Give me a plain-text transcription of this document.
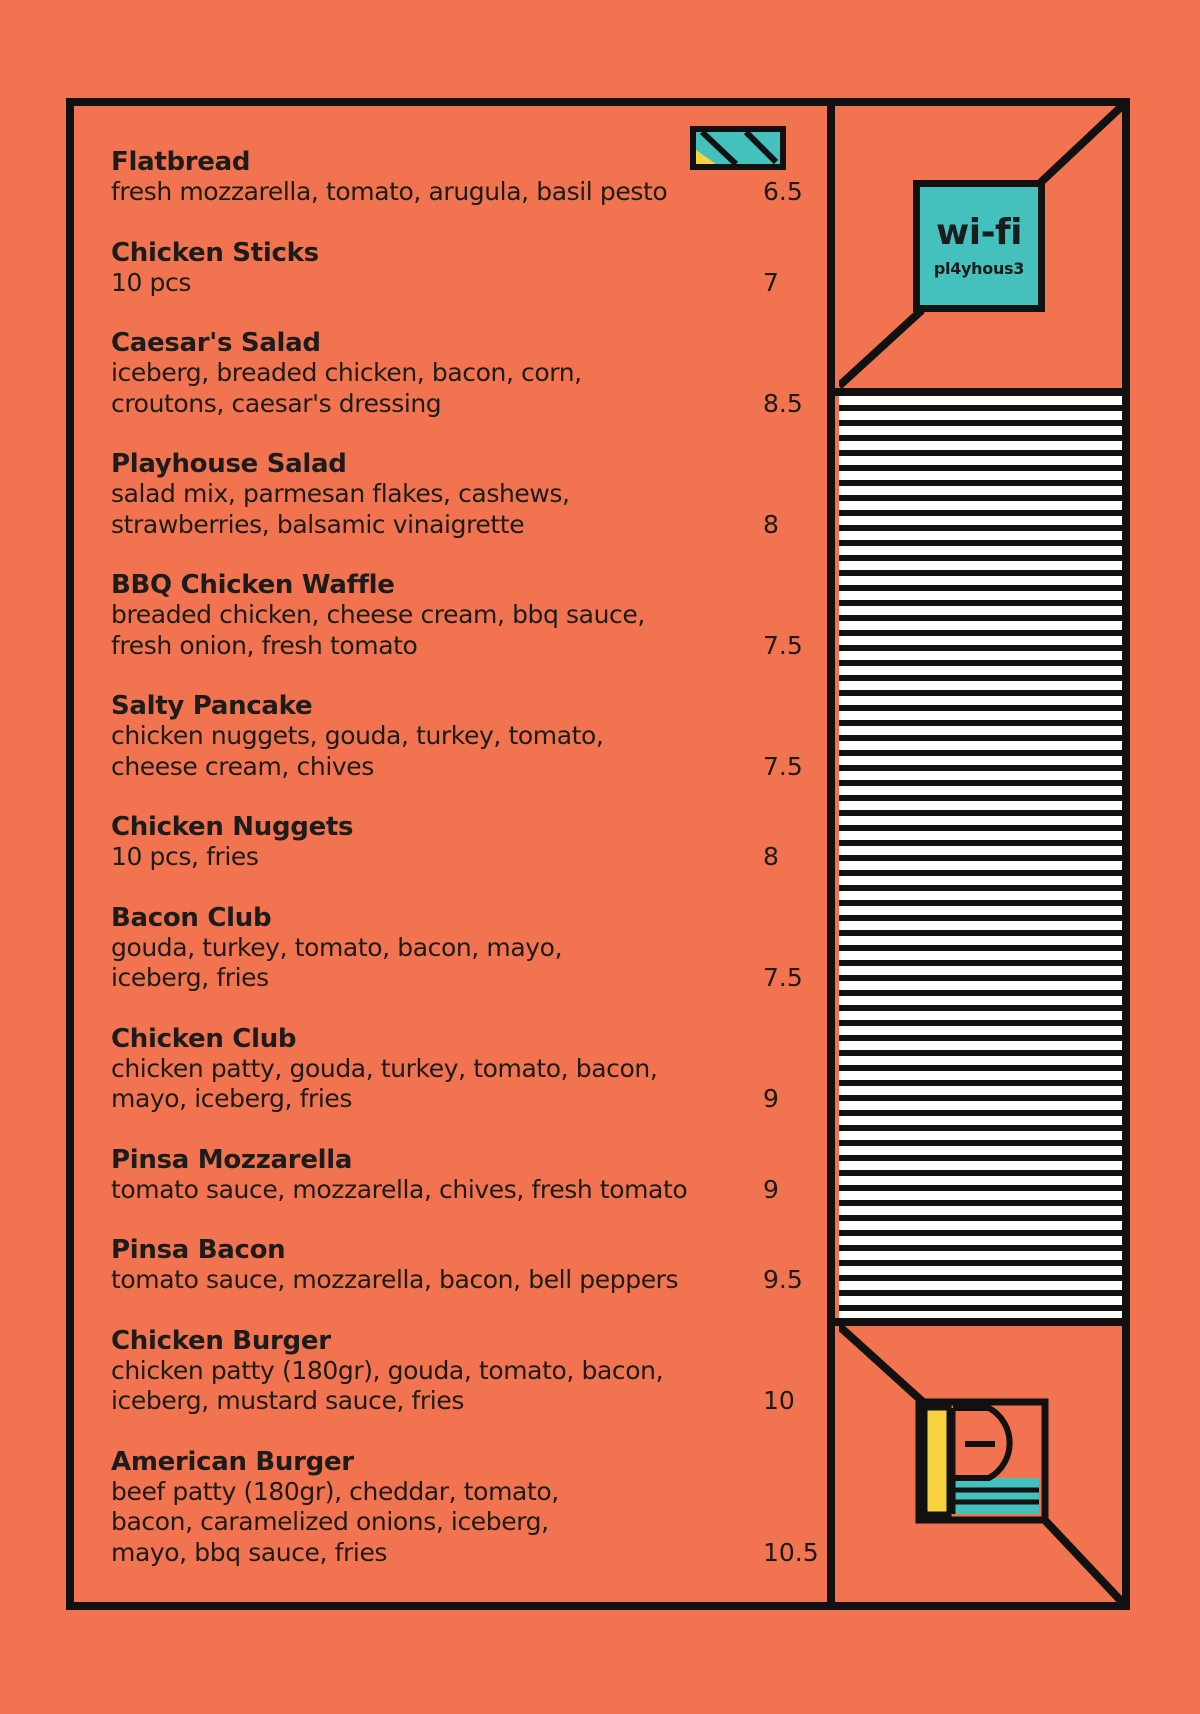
Flatbread
fresh mozzarella, tomato, arugula, basil pesto	6.5
Chicken Sticks
10 pcs	7
Caesar's Salad
iceberg, breaded chicken, bacon, corn, croutons, caesar's dressing	8.5
Playhouse Salad
salad mix, parmesan flakes, cashews, strawberries, balsamic vinaigrette	8
BBQ Chicken Waffle
breaded chicken, cheese cream, bbq sauce, fresh onion, fresh tomato	7.5
Salty Pancake
chicken nuggets, gouda, turkey, tomato, cheese cream, chives	7.5
Chicken Nuggets
10 pcs, fries	8
Bacon Club
gouda, turkey, tomato, bacon, mayo, iceberg, fries	7.5
Chicken Club
chicken patty, gouda, turkey, tomato, bacon, mayo, iceberg, fries	9
Pinsa Mozzarella
tomato sauce, mozzarella, chives, fresh tomato	9
Pinsa Bacon
tomato sauce, mozzarella, bacon, bell peppers	9.5
Chicken Burger
chicken patty (180gr), gouda, tomato, bacon, iceberg, mustard sauce, fries	10
American Burger
beef patty (180gr), cheddar, tomato, bacon, caramelized onions, iceberg, mayo, bbq sauce, fries	10.5
wi-fi
pl4yhous3
